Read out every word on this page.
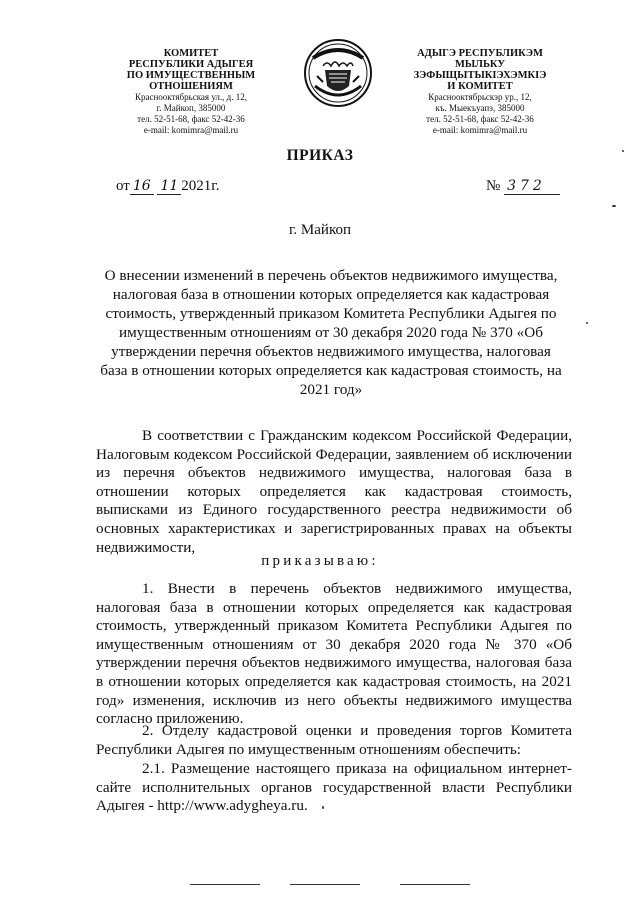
КОМИТЕТ
РЕСПУБЛИКИ АДЫГЕЯ
ПО ИМУЩЕСТВЕННЫМ ОТНОШЕНИЯМ
Краснооктябрьская ул., д. 12,
г. Майкоп, 385000
тел. 52-51-68, факс 52-42-36
e-mail: komimra@mail.ru
АДЫГЭ РЕСПУБЛИКЭМ
МЫЛЬКУ ЗЭФЫЩЫТЫКІЭХЭМКІЭ
И КОМИТЕТ
Краснооктябрьскэр ур., 12,
къ. Мыекъуапэ, 385000
тел. 52-51-68, факс 52-42-36
e-mail: komimra@mail.ru
ПРИКАЗ
от 16 11 2021г.	№ 372
г. Майкоп
О внесении изменений в перечень объектов недвижимого имущества, налоговая база в отношении которых определяется как кадастровая стоимость, утвержденный приказом Комитета Республики Адыгея по имущественным отношениям от 30 декабря 2020 года № 370 «Об утверждении перечня объектов недвижимого имущества, налоговая база в отношении которых определяется как кадастровая стоимость, на 2021 год»
В соответствии с Гражданским кодексом Российской Федерации, Налоговым кодексом Российской Федерации, заявлением об исключении из перечня объектов недвижимого имущества, налоговая база в отношении которых определяется как кадастровая стоимость, выписками из Единого государственного реестра недвижимости об основных характеристиках и зарегистрированных правах на объекты недвижимости,
приказываю:
1. Внести в перечень объектов недвижимого имущества, налоговая база в отношении которых определяется как кадастровая стоимость, утвержденный приказом Комитета Республики Адыгея по имущественным отношениям от 30 декабря 2020 года № 370 «Об утверждении перечня объектов недвижимого имущества, налоговая база в отношении которых определяется как кадастровая стоимость, на 2021 год» изменения, исключив из него объекты недвижимого имущества согласно приложению.
2. Отделу кадастровой оценки и проведения торгов Комитета Республики Адыгея по имущественным отношениям обеспечить:
2.1. Размещение настоящего приказа на официальном интернет-сайте исполнительных органов государственной власти Республики Адыгея - http://www.adygheya.ru.
